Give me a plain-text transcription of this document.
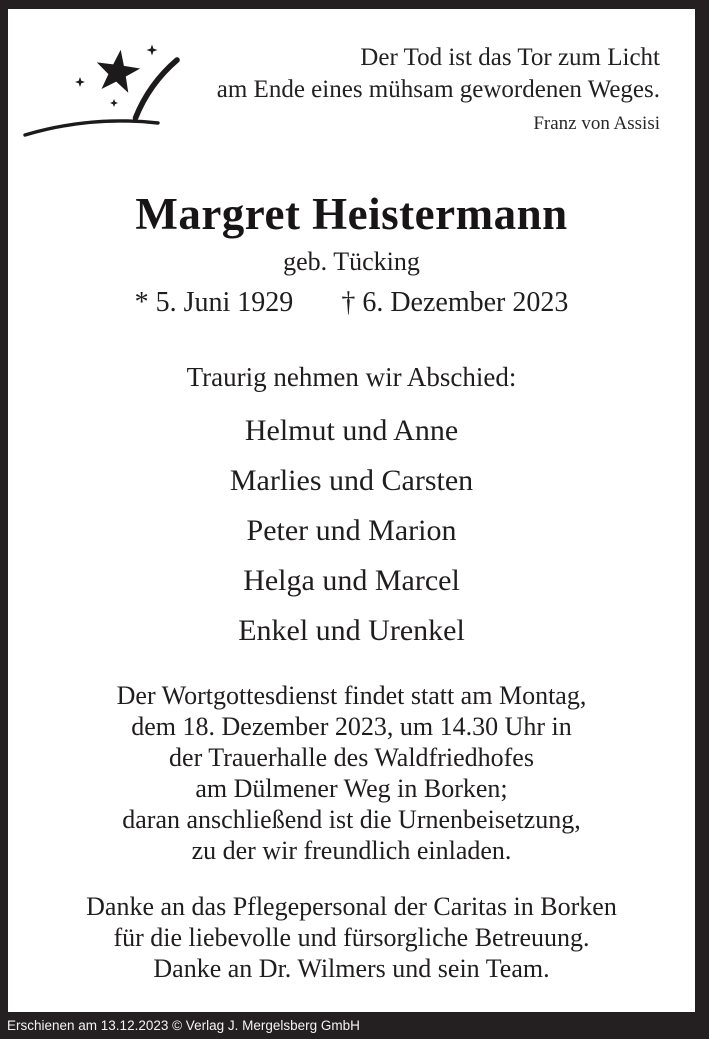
Der Tod ist das Tor zum Licht
am Ende eines mühsam gewordenen Weges.
Franz von Assisi
Margret Heistermann
geb. Tücking
* 5. Juni 1929 † 6. Dezember 2023
Traurig nehmen wir Abschied:
Helmut und Anne
Marlies und Carsten
Peter und Marion
Helga und Marcel
Enkel und Urenkel
Der Wortgottesdienst findet statt am Montag,
dem 18. Dezember 2023, um 14.30 Uhr in
der Trauerhalle des Waldfriedhofes
am Dülmener Weg in Borken;
daran anschließend ist die Urnenbeisetzung,
zu der wir freundlich einladen.
Danke an das Pflegepersonal der Caritas in Borken
für die liebevolle und fürsorgliche Betreuung.
Danke an Dr. Wilmers und sein Team.
Erschienen am 13.12.2023 © Verlag J. Mergelsberg GmbH
